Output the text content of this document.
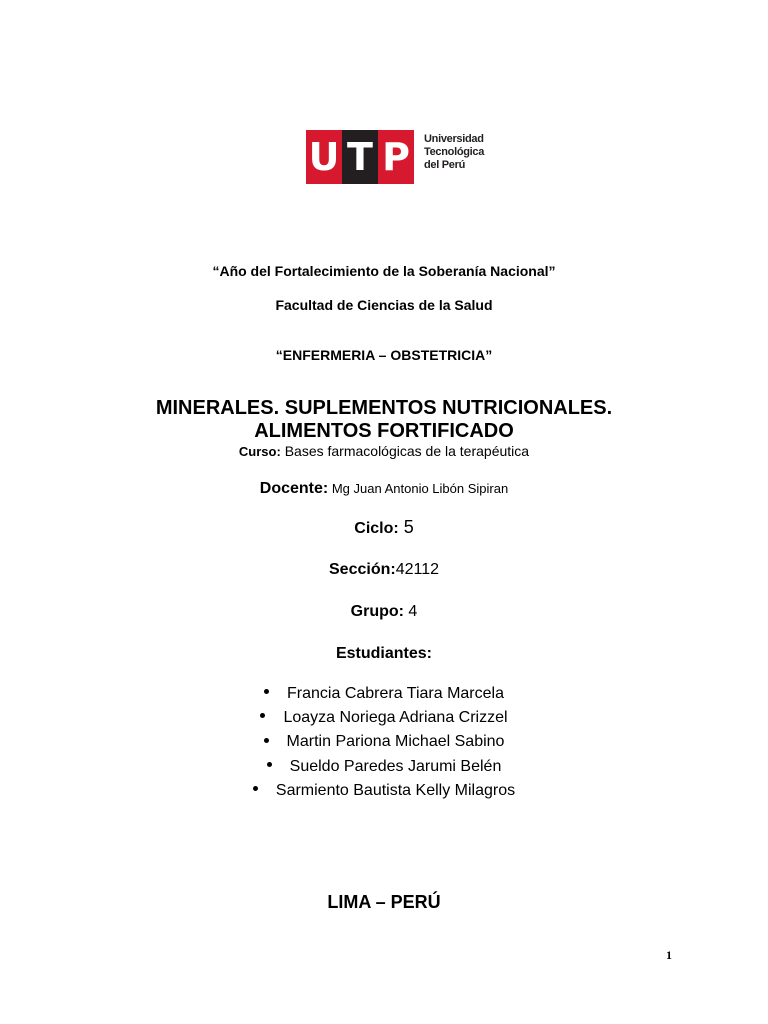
U T P	Universidad
Tecnológica
del Perú
“Año del Fortalecimiento de la Soberanía Nacional”
Facultad de Ciencias de la Salud
“ENFERMERIA – OBSTETRICIA”
MINERALES. SUPLEMENTOS NUTRICIONALES.
ALIMENTOS FORTIFICADO
Curso: Bases farmacológicas de la terapéutica
Docente: Mg Juan Antonio Libón Sipiran
Ciclo: 5
Sección:42112
Grupo: 4
Estudiantes:
Francia Cabrera Tiara Marcela
Loayza Noriega Adriana Crizzel
Martin Pariona Michael Sabino
Sueldo Paredes Jarumi Belén
Sarmiento Bautista Kelly Milagros
LIMA – PERÚ
1
